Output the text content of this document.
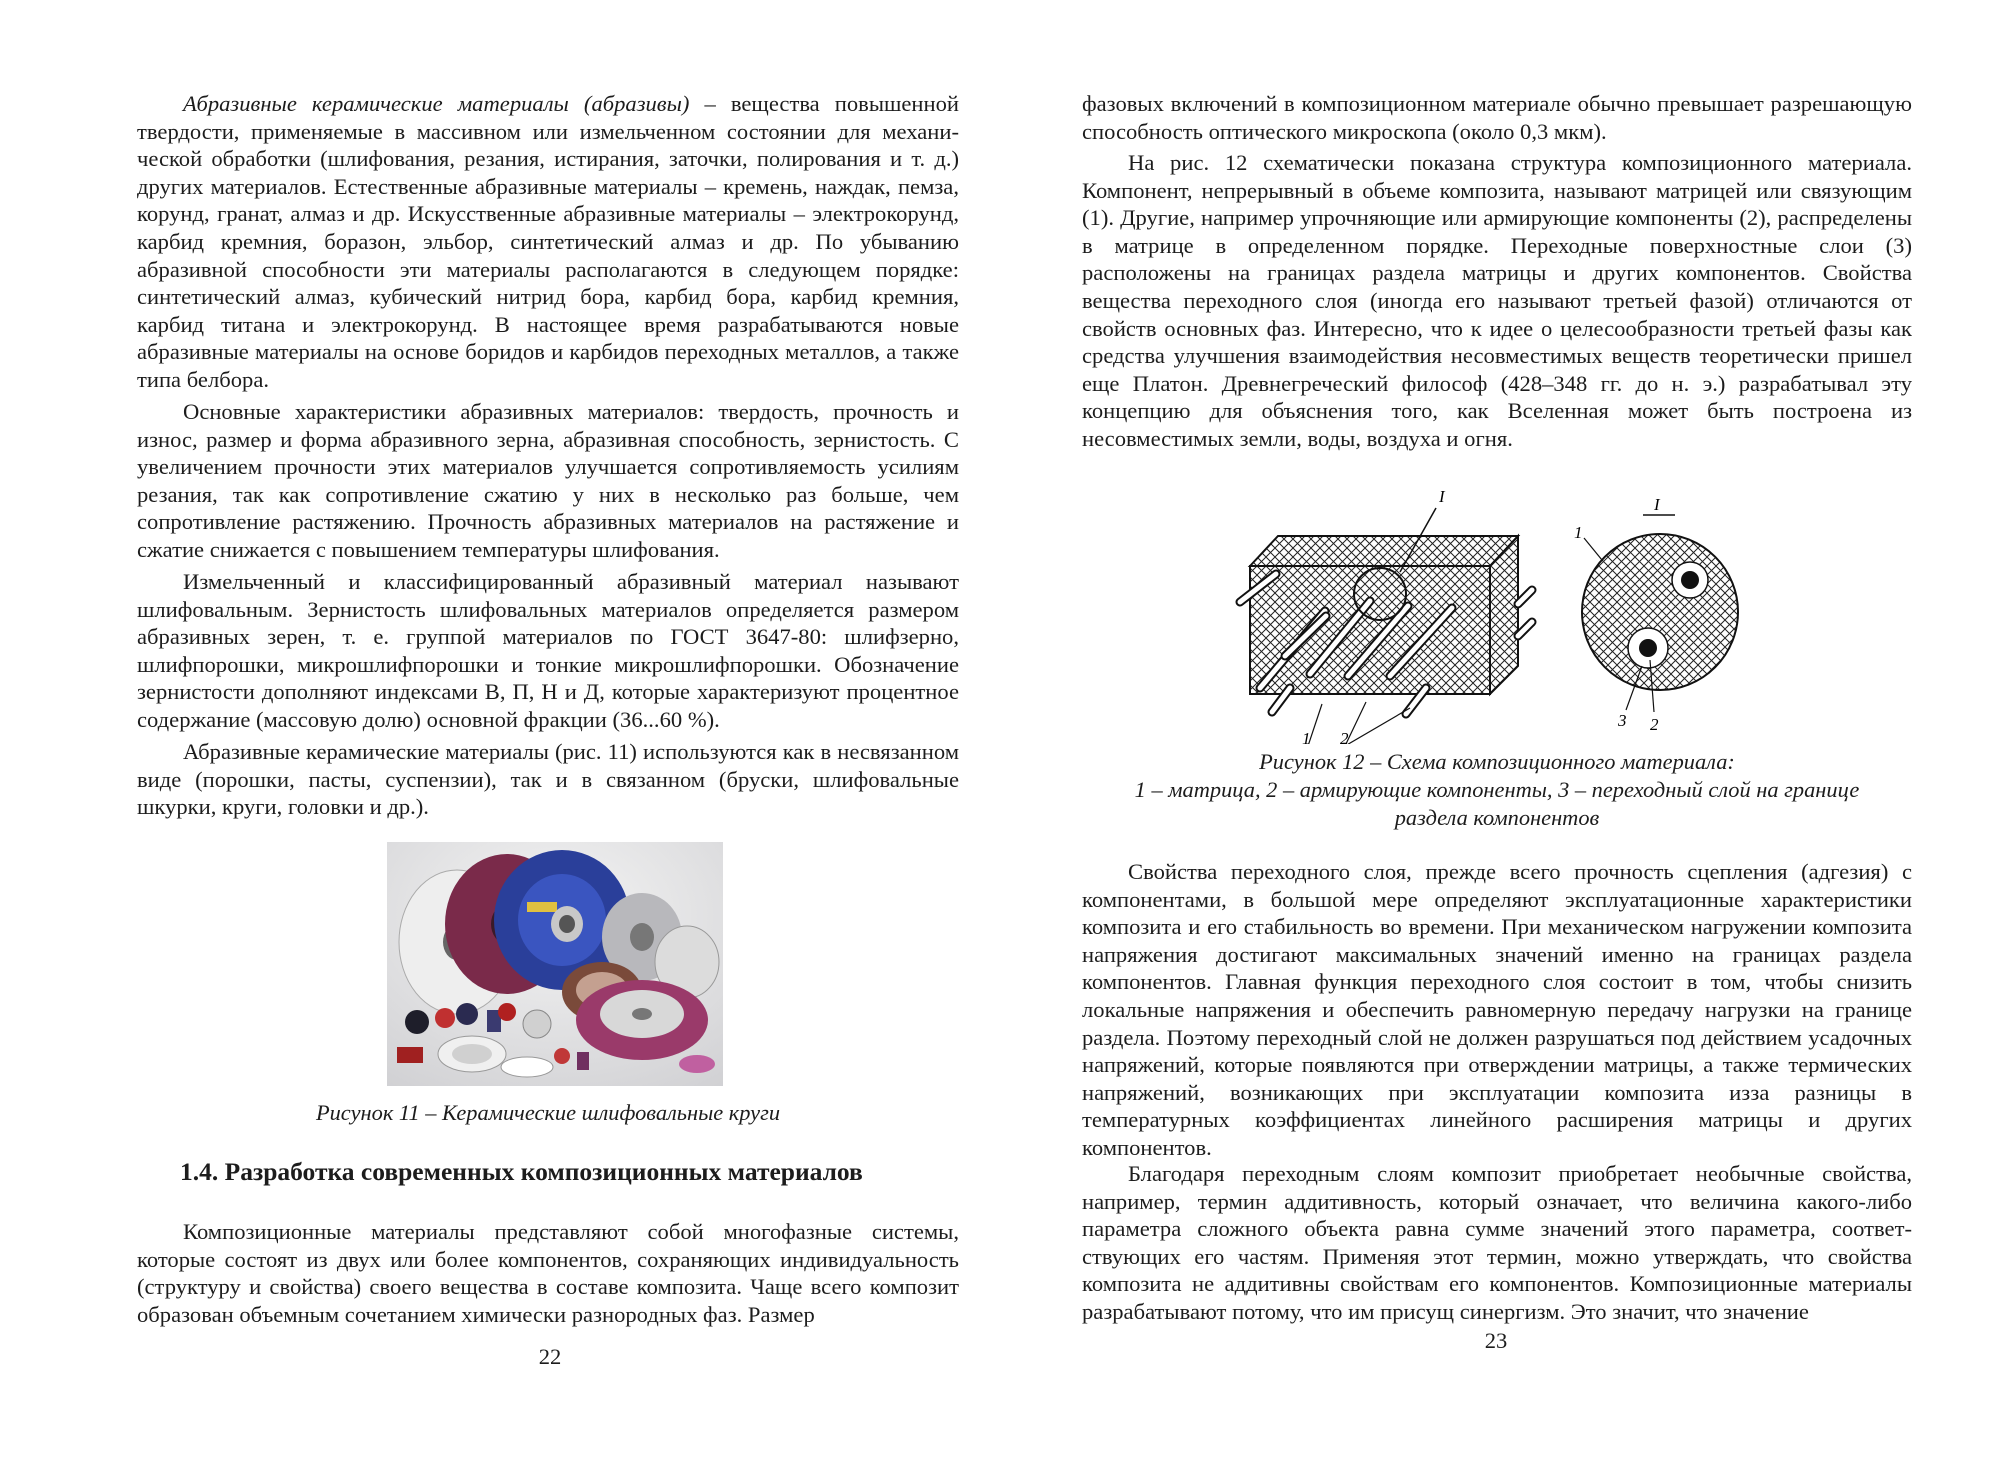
Абразивные керамические материалы (абразивы) – вещества повышенной твердости, применяемые в массивном или измельченном состоянии для механической обработки (шлифования, резания, истирания, заточки, полирования и т. д.) других материалов. Естественные абразивные материалы – кремень, наждак, пемза, корунд, гранат, алмаз и др. Искусственные абразивные материалы – электрокорунд, карбид кремния, боразон, эльбор, синтетический алмаз и др. По убыванию абразивной способности эти материалы располагаются в следующем порядке: синтетический алмаз, кубический нитрид бора, карбид бора, карбид кремния, карбид титана и электрокорунд. В настоящее время разрабатываются новые абразивные материалы на основе боридов и карбидов переходных металлов, а также типа белбора.

Основные характеристики абразивных материалов: твердость, прочность и износ, размер и форма абразивного зерна, абразивная способность, зернистость. С увеличением прочности этих материалов улучшается сопротивляемость усилиям резания, так как сопротивление сжатию у них в несколько раз больше, чем сопротивление растяжению. Прочность абразивных материалов на растяжение и сжатие снижается с повышением температуры шлифования.

Измельченный и классифицированный абразивный материал называют шлифовальным. Зернистость шлифовальных материалов определяется размером абразивных зерен, т. е. группой материалов по ГОСТ 3647-80: шлифзерно, шлифпорошки, микрошлифпорошки и тонкие микрошлифпорошки. Обозначение зернистости дополняют индексами В, П, Н и Д, которые характеризуют процентное содержание (массовую долю) основной фракции (36...60 %).

Абразивные керамические материалы (рис. 11) используются как в несвязанном виде (порошки, пасты, суспензии), так и в связанном (бруски, шлифовальные шкурки, круги, головки и др.).

Рисунок 11 – Керамические шлифовальные круги

1.4. Разработка современных композиционных материалов

Композиционные материалы представляют собой многофазные системы, которые состоят из двух или более компонентов, сохраняющих индивидуальность (структуру и свойства) своего вещества в составе композита. Чаще всего композит образован объемным сочетанием химически разнородных фаз. Размер

22

фазовых включений в композиционном материале обычно превышает разрешающую способность оптического микроскопа (около 0,3 мкм).

На рис. 12 схематически показана структура композиционного материала. Компонент, непрерывный в объеме композита, называют матрицей или связующим (1). Другие, например упрочняющие или армирующие компоненты (2), распределены в матрице в определенном порядке. Переходные поверхностные слои (3) расположены на границах раздела матрицы и других компонентов. Свойства вещества переходного слоя (иногда его называют третьей фазой) отличаются от свойств основных фаз. Интересно, что к идее о целесообразности третьей фазы как средства улучшения взаимодействия несовместимых веществ теоретически пришел еще Платон. Древнегреческий философ (428–348 гг. до н. э.) разрабатывал эту концепцию для объяснения того, как Вселенная может быть построена из несовместимых земли, воды, воздуха и огня.

I
1 2
I
1
3 2

Рисунок 12 – Схема композиционного материала:

1 – матрица, 2 – армирующие компоненты, 3 – переходный слой на границе

раздела компонентов

Свойства переходного слоя, прежде всего прочность сцепления (адгезия) с компонентами, в большой мере определяют эксплуатационные характеристики композита и его стабильность во времени. При механическом нагружении композита напряжения достигают максимальных значений именно на границах раздела компонентов. Главная функция переходного слоя состоит в том, чтобы снизить локальные напряжения и обеспечить равномерную передачу нагрузки на границе раздела. Поэтому переходный слой не должен разрушаться под действием усадочных напряжений, которые появляются при отверждении матрицы, а также термических напряжений, возникающих при эксплуатации композита изза разницы в температурных коэффициентах линейного расширения матрицы и других компонентов.

Благодаря переходным слоям композит приобретает необычные свойства, например, термин аддитивность, который означает, что величина какого-либо параметра сложного объекта равна сумме значений этого параметра, соответствующих его частям. Применяя этот термин, можно утверждать, что свойства композита не аддитивны свойствам его компонентов. Композиционные материалы разрабатывают потому, что им присущ синергизм. Это значит, что значение

23
